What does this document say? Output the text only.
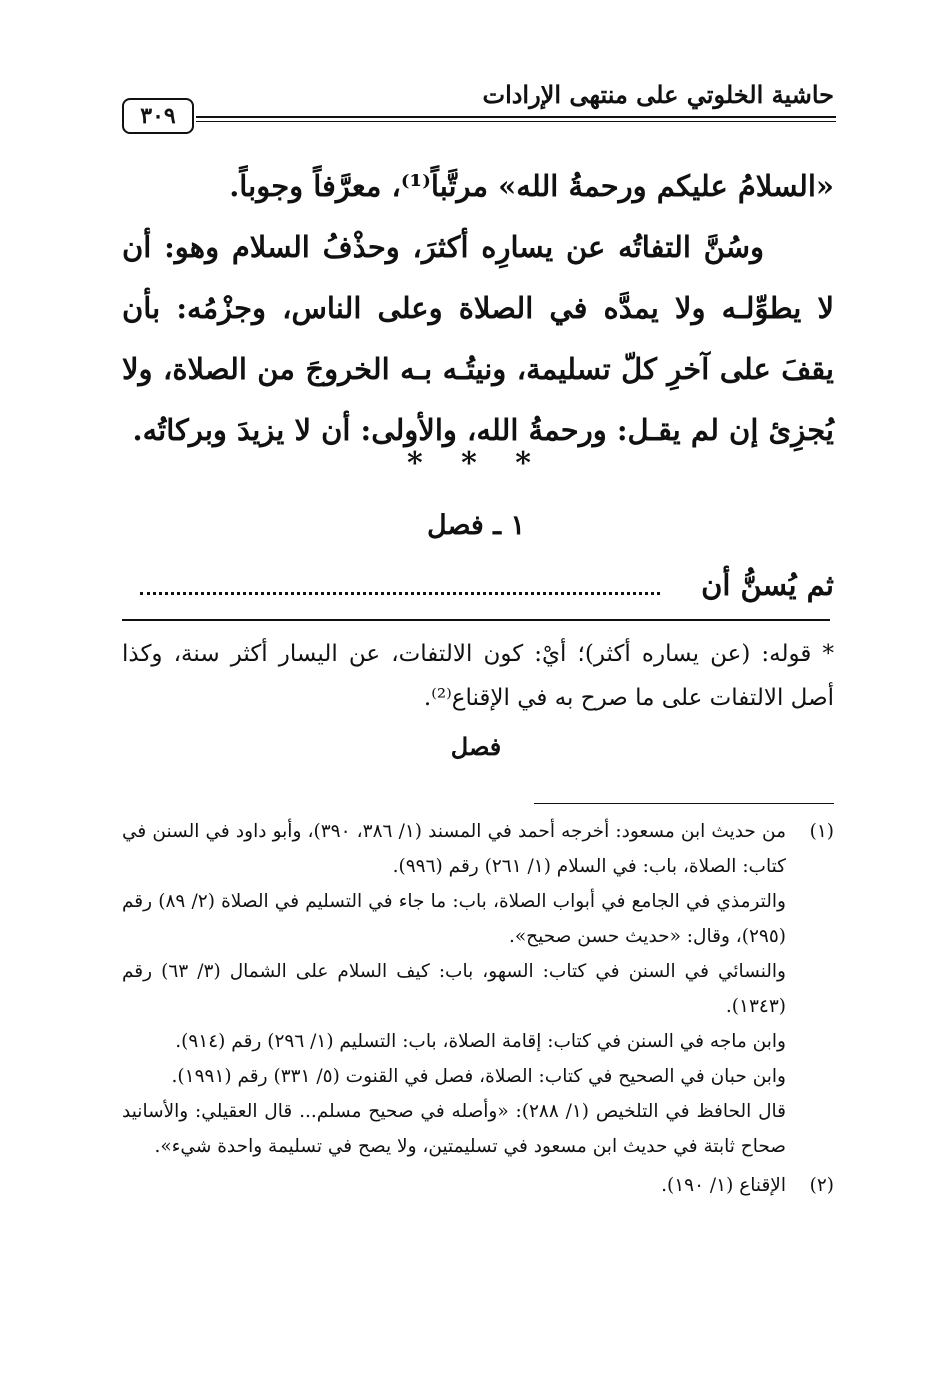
حاشية الخلوتي على منتهى الإرادات
٣٠٩

«السلامُ عليكم ورحمةُ الله» مرتَّباً⁽¹⁾، معرَّفاً وجوباً.

وسُنَّ التفاتُه عن يسارِه أكثرَ، وحذْفُ السلام وهو: أن لا يطوِّلـه ولا يمدَّه في الصلاة وعلى الناس، وجزْمُه: بأن يقفَ على آخرِ كلّ تسليمة، ونيتُـه بـه الخروجَ من الصلاة، ولا يُجزِئ إن لم يقـل: ورحمةُ الله، والأولى: أن لا يزيدَ وبركاتُه.

* * *
١ ـ فصل
ثم يُسنُّ أن

* قوله: (عن يساره أكثر)؛ أيْ: كون الالتفات، عن اليسار أكثر سنة، وكذا أصل الالتفات على ما صرح به في الإقناع⁽²⁾.

فصل
(١)
من حديث ابن مسعود: أخرجه أحمد في المسند (١/ ٣٨٦، ٣٩٠)، وأبو داود في السنن في كتاب: الصلاة، باب: في السلام (١/ ٢٦١) رقم (٩٩٦).
والترمذي في الجامع في أبواب الصلاة، باب: ما جاء في التسليم في الصلاة (٢/ ٨٩) رقم (٢٩٥)، وقال: «حديث حسن صحيح».
والنسائي في السنن في كتاب: السهو، باب: كيف السلام على الشمال (٣/ ٦٣) رقم (١٣٤٣).
وابن ماجه في السنن في كتاب: إقامة الصلاة، باب: التسليم (١/ ٢٩٦) رقم (٩١٤).
وابن حبان في الصحيح في كتاب: الصلاة، فصل في القنوت (٥/ ٣٣١) رقم (١٩٩١).
قال الحافظ في التلخيص (١/ ٢٨٨): «وأصله في صحيح مسلم... قال العقيلي: والأسانيد صحاح ثابتة في حديث ابن مسعود في تسليمتين، ولا يصح في تسليمة واحدة شيء».
(٢)
الإقناع (١/ ١٩٠).
